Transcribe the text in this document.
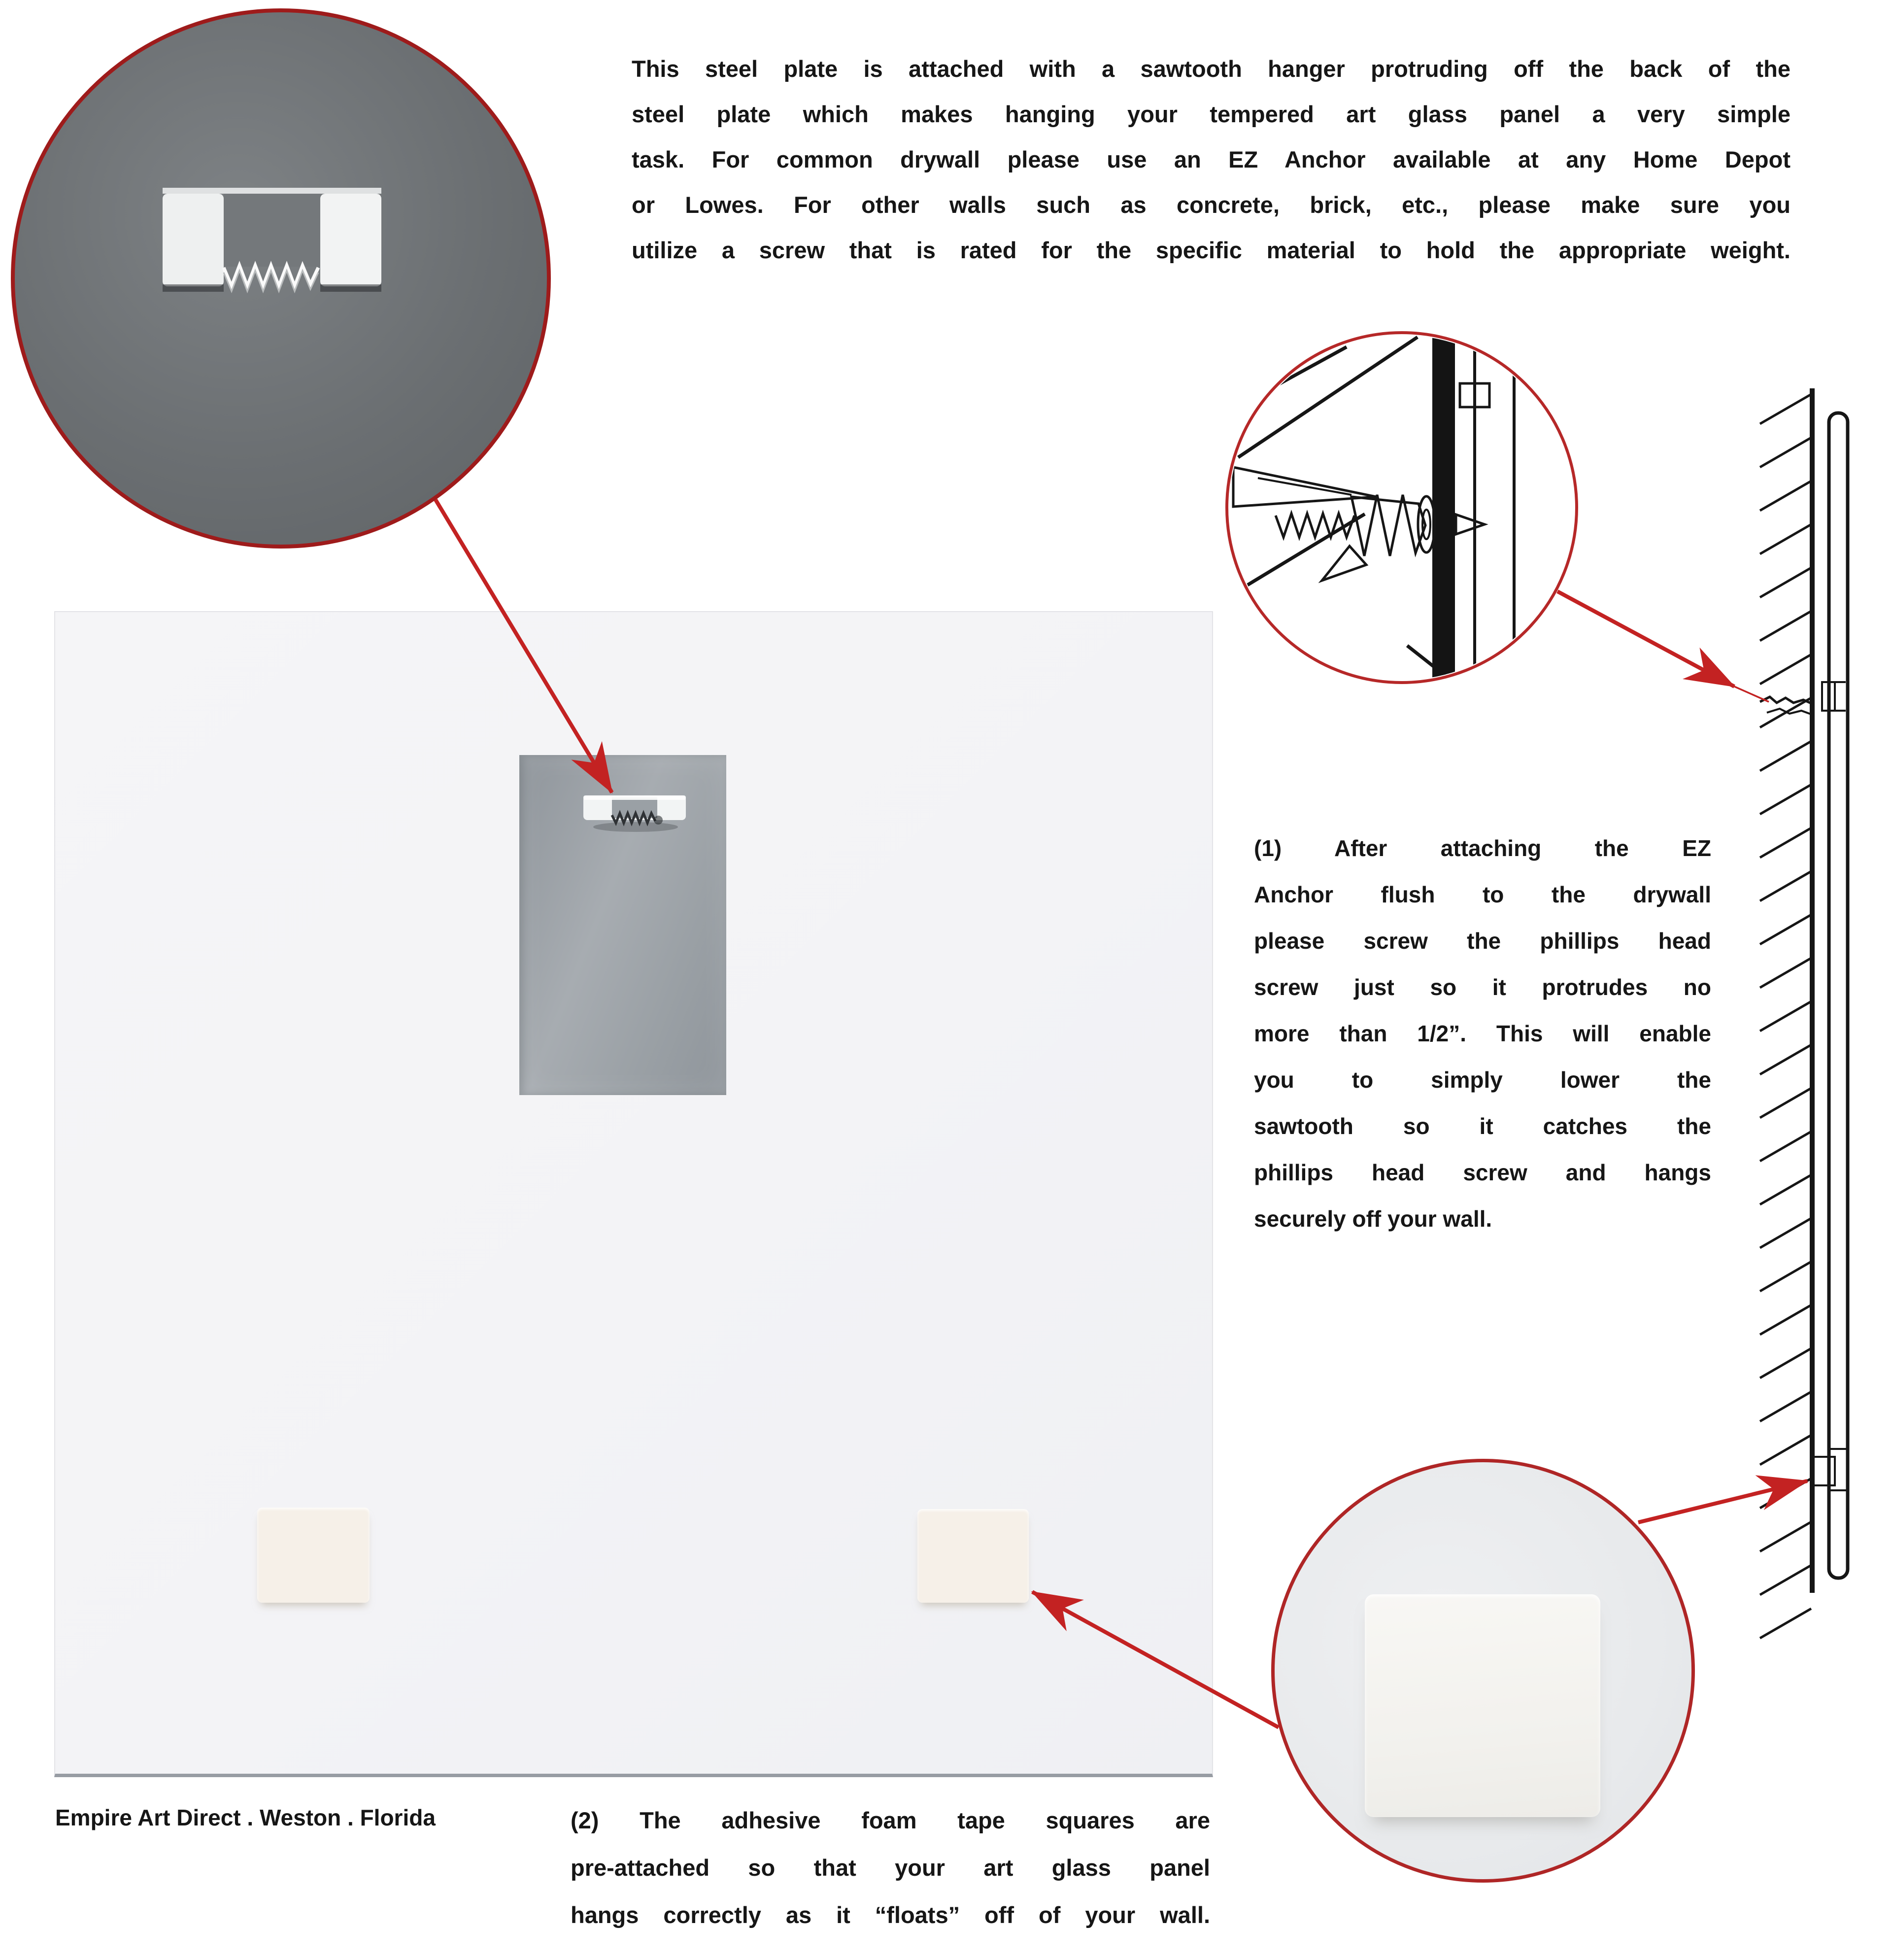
This steel plate is attached with a sawtooth hanger protruding off the back of the
steel plate which makes hanging your tempered art glass panel a very simple
task. For common drywall please use an EZ Anchor available at any Home Depot
or Lowes. For other walls such as concrete, brick, etc., please make sure you
utilize a screw that is rated for the specific material to hold the appropriate weight.
(1) After attaching the EZ
Anchor flush to the drywall
please screw the phillips head
screw just so it protrudes no
more than 1/2”. This will enable
you to simply lower the
sawtooth so it catches the
phillips head screw and hangs
securely off your wall.
(2) The adhesive foam tape squares are
pre-attached so that your art glass panel
hangs correctly as it “floats” off of your wall.
Empire Art Direct . Weston . Florida
